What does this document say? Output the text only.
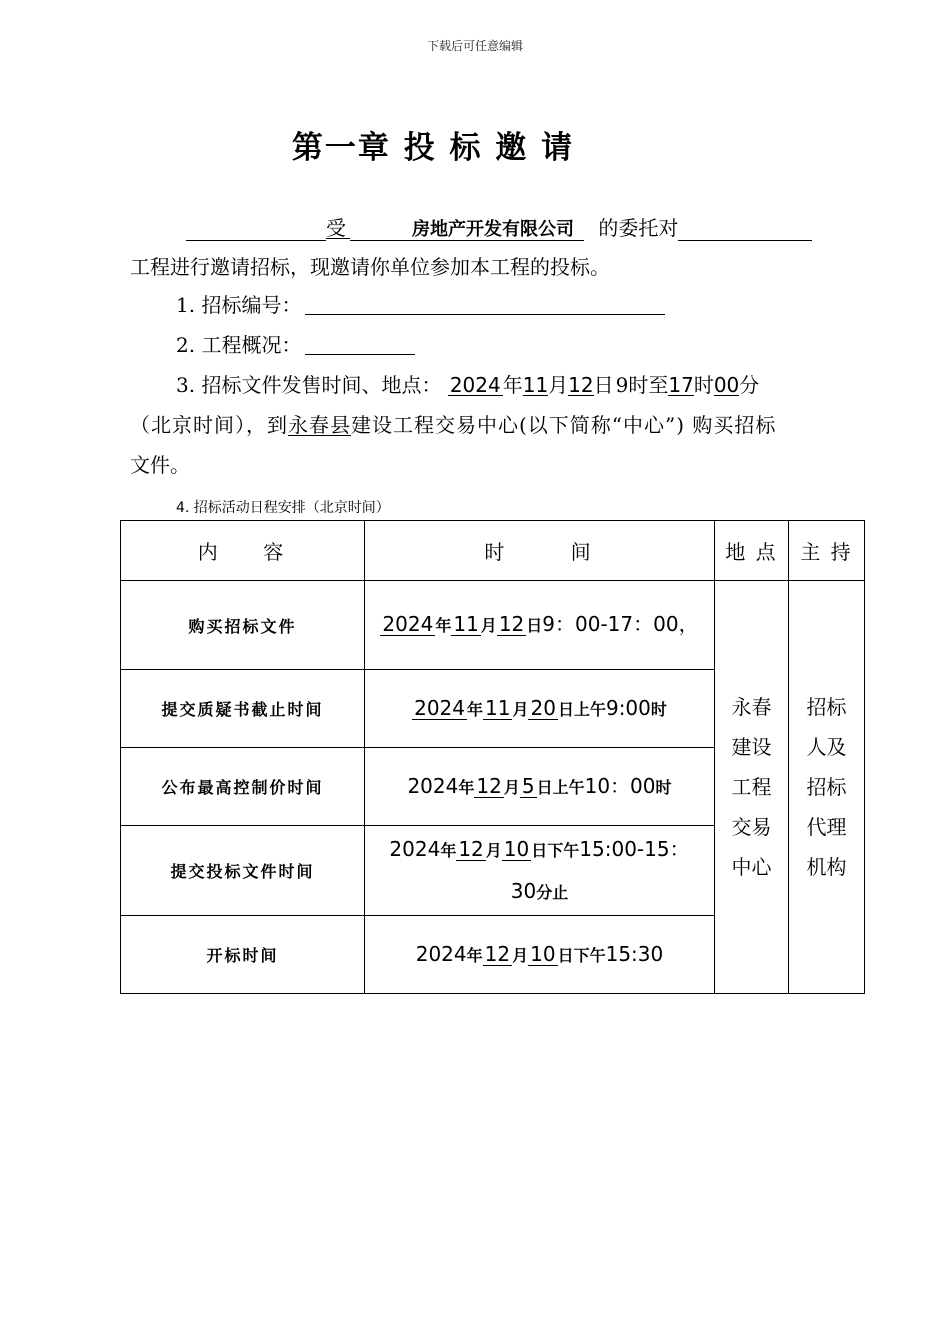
下载后可任意编辑
第一章 投 标 邀 请
受	房地产开发有限公司 的委托对
工程进行邀请招标，现邀请你单位参加本工程的投标。
1. 招标编号：
2. 工程概况：
3. 招标文件发售时间、地点： 2024 年11月12日 9时至17时00分
（北京时间），到永春县建设工程交易中心(以下简称“中心”) 购买招标
文件。
4. 招标活动日程安排（北京时间）
内    容	时      间	地 点	主 持
购买招标文件	2024 年 11 月 12 日9：00-17：00，	永春建设工程交易中心	招标人及招标代理机构

提交质疑书截止时间	2024 年 11 月 20 日上午9:00时		
公布最高控制价时间	2024年 12 月 5 日上午10：00时		
提交投标文件时间	2024年 12 月 10 日下午15:00-15：30分止		
开标时间	2024年 12 月 10 日下午15:30		
